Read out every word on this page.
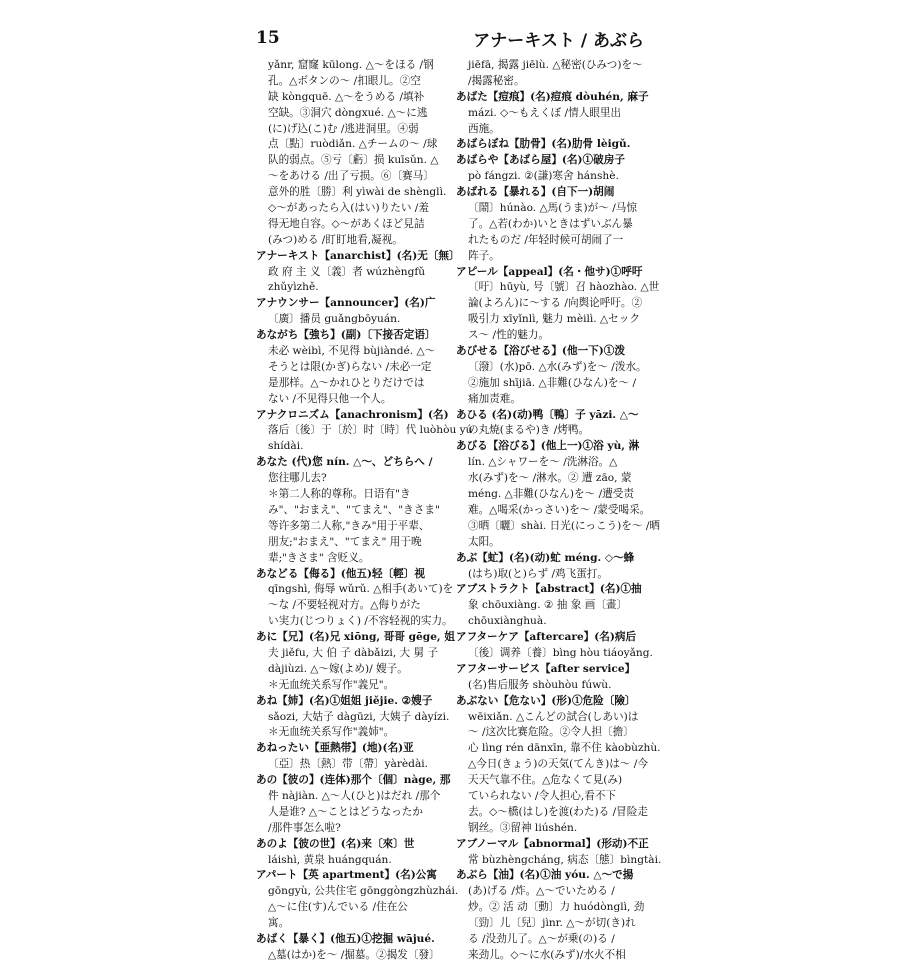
15	アナーキスト / あぶら
yǎnr, 窟窿 kūlong. △～をほる /钢
孔。△ボタンの～ /扣眼儿。②空
缺 kòngquē. △～をうめる /填补
空缺。③洞穴 dòngxué. △～に逃
(に)げ込(こ)む /逃进洞里。④弱
点〔點〕ruòdiǎn. △チームの～ /球
队的弱点。⑤亏〔虧〕损 kuīsǔn. △
～をあける /出了亏损。⑥〔赛马〕
意外的胜〔勝〕利 yìwài de shènglì.
◇～があったら入(はい)りたい /羞
得无地自容。◇～があくほど見詰
(みつ)める /盯盯地看,凝视。
アナーキスト【anarchist】(名)无〔無〕
政 府 主 义〔義〕者 wúzhèngfǔ
zhǔyìzhě.
アナウンサー【announcer】(名)广
〔廣〕播员 guǎngbōyuán.
あながち【強ち】(副)〔下接否定语〕
未必 wèibì, 不见得 bùjiàndé. △～
そうとは限(かぎ)らない /未必一定
是那样。△～かれひとりだけでは
ない /不见得只他一个人。
アナクロニズム【anachronism】(名)
落后〔後〕于〔於〕时〔時〕代 luòhòu yú
shídài.
あなた (代)您 nín. △～、どちらへ /
您往哪儿去?
＊第二人称的尊称。日语有"き
み"、"おまえ"、"てまえ"、"きさま"
等许多第二人称,"きみ"用于平辈、
朋友;"おまえ"、"てまえ" 用于晚
辈;"きさま" 含贬义。
あなどる【侮る】(他五)轻〔輕〕视
qīngshì, 侮辱 wǔrǔ. △相手(あいて)を
～な /不要轻视对方。△侮りがた
い実力(じつりょく) /不容轻视的实力。
あに【兄】(名)兄 xiōng, 哥哥 gēge, 姐
夫 jiěfu, 大 伯 子 dàbǎizi, 大 舅 子
dàjiùzi. △～嫁(よめ)/ 嫂子。
＊无血统关系写作"義兄"。
あね【姉】(名)①姐姐 jiějie. ②嫂子
sǎozi, 大姑子 dàgūzi, 大姨子 dàyízi.
＊无血统关系写作"義姉"。
あねったい【亜熱帯】(地)(名)亚
〔亞〕热〔熱〕带〔帶〕yàrèdài.
あの【彼の】(连体)那个〔個〕nàge, 那
件 nàjiàn. △～人(ひと)はだれ /那个
人是谁? △～ことはどうなったか
/那件事怎么啦?
あのよ【彼の世】(名)来〔來〕世
láishì, 黄泉 huángquán.
アパート【英 apartment】(名)公寓
gōngyù, 公共住宅 gōnggòngzhùzhái.
△～に住(す)んでいる /住在公
寓。
あばく【暴く】(他五)①挖掘 wājué.
△墓(はか)を～ /掘墓。②揭发〔發〕
jiēfā, 揭露 jiēlù. △秘密(ひみつ)を～
/揭露秘密。
あばた【痘痕】(名)痘痕 dòuhén, 麻子
mázi. ◇～もえくぼ /情人眼里出
西施。
あばらぼね【肋骨】(名)肋骨 lèigǔ.
あばらや【あばら屋】(名)①破房子
pò fángzi. ②(謙)寒舍 hánshè.
あばれる【暴れる】(自下一)胡闹
〔鬧〕húnào. △馬(うま)が～ /马惊
了。△若(わか)いときはずいぶん暴
れたものだ /年轻时候可胡闹了一
阵子。
アピール【appeal】(名・他サ)①呼吁
〔吁〕hūyù, 号〔號〕召 hàozhào. △世
論(よろん)に～する /向舆论呼吁。②
吸引力 xīyǐnlì, 魅力 mèilì. △セック
ス～ /性的魅力。
あびせる【浴びせる】(他一下)①泼
〔潑〕(水)pō. △水(みず)を～ /泼水。
②施加 shījiā. △非難(ひなん)を～ /
痛加责难。
あひる (名)(动)鸭〔鴨〕子 yāzi. △～
の丸焼(まるや)き /烤鸭。
あびる【浴びる】(他上一)①浴 yù, 淋
lín. △シャワーを～ /洗淋浴。△
水(みず)を～ /淋水。② 遭 zāo, 蒙
méng. △非難(ひなん)を～ /遭受责
难。△喝采(かっさい)を～ /蒙受喝采。
③晒〔曬〕shài. 日光(にっこう)を～ /晒
太阳。
あぶ【虻】(名)(动)虻 méng. ◇～蜂
(はち)取(と)らず /鸡飞蛋打。
アブストラクト【abstract】(名)①抽
象 chōuxiàng. ② 抽 象 画〔畫〕
chōuxiànghuà.
アフターケア【aftercare】(名)病后
〔後〕调养〔養〕bìng hòu tiáoyǎng.
アフターサービス【after service】
(名)售后服务 shòuhòu fúwù.
あぶない【危ない】(形)①危险〔險〕
wēixiǎn. △こんどの試合(しあい)は
～ /这次比赛危险。②令人担〔擔〕
心 lìng rén dānxīn, 靠不住 kàobùzhù.
△今日(きょう)の天気(てんき)は～ /今
天天气靠不住。△危なくて見(み)
ていられない /令人担心,看不下
去。◇～橋(はし)を渡(わた)る /冒险走
钢丝。③留神 liúshén.
アブノーマル【abnormal】(形动)不正
常 bùzhèngcháng, 病态〔態〕bìngtài.
あぶら【油】(名)①油 yóu. △～で揚
(あ)げる /炸。△～でいためる /
炒。② 活 动〔動〕力 huódònglì, 劲
〔勁〕儿〔兒〕jìnr. △～が切(き)れ
る /没劲儿了。△～が乗(の)る /
来劲儿。◇～に水(みず)/水火不相
